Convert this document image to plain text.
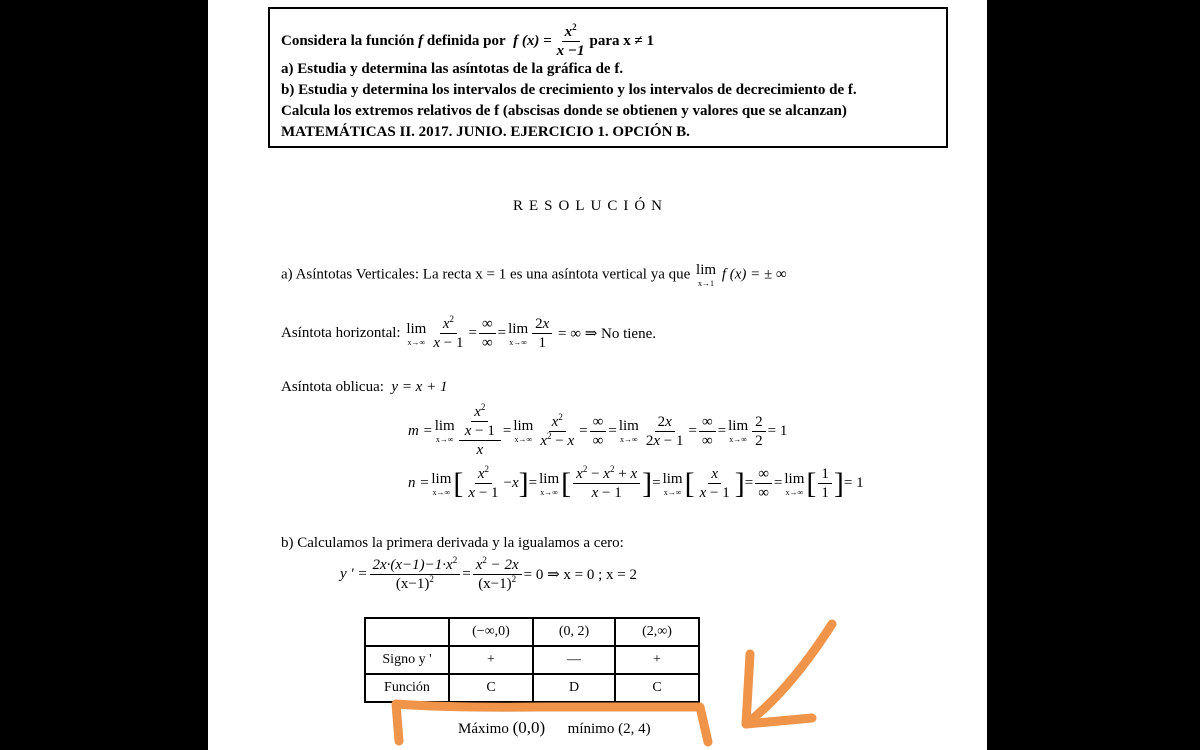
Considera la función
f
definida por
f $(x) = \frac{x^2}{x -1}$ para x ≠ 1
a) Estudia y determina las asíntotas de la gráfica de f.
b) Estudia y determina los intervalos de crecimiento y los intervalos de decrecimiento de f.
Calcula los extremos relativos de f (abscisas donde se obtienen y valores que se alcanzan)
MATEMÁTICAS II. 2017. JUNIO. EJERCICIO 1. OPCIÓN B.
RESOLUCIÓN
a) Asíntotas Verticales: La recta x = 1 es una asíntota vertical ya que lim
x→1
f (x) = ± ∞
Asíntota horizontal:
lim
$x\to\infty \frac{x^2}{x - 1} = \frac{\infty}{\infty} = \lim$
$x\to\infty \frac{2x}{1}$
= ∞ ⇒ No tiene.
Asíntota oblicua: y = x + 1
m = lim
$x\to\infty \frac{\frac{x^2}{x - 1}}{x} = \lim$
$x\to\infty \frac{x^2}{x^2 - x} = \frac{\infty}{\infty} = \lim$
$x\to\infty \frac{2x}{2x - 1} = \frac{\infty}{\infty} = \lim$
$x\to\infty \frac{2}{2} = 1$
n = lim
x→∞ [ $\frac{x^2}{x - 1} - x$ ] = lim
x→∞ [ $\frac{x^2 - x^2 + x}{x - 1}$ ] = lim
x→∞ [ $\frac{x}{x - 1}$ ] = $\frac{\infty}{\infty} = \lim$
x→∞ [ $\frac{1}{1}$ ] = 1
b) Calculamos la primera derivada y la igualamos a cero:
y ' = $\frac{2x\cdot(x-1)-1\cdot x^2}{(x-1)^2} = \frac{x^2 - 2x}{(x-1)^2} = 0$ ⇒ x = 0 ; x = 2
	(−∞,0)	(0, 2)	(2,∞)
Signo y '	+	—	+
Función	C	D	C
Máximo (0,0) mínimo (2, 4)
